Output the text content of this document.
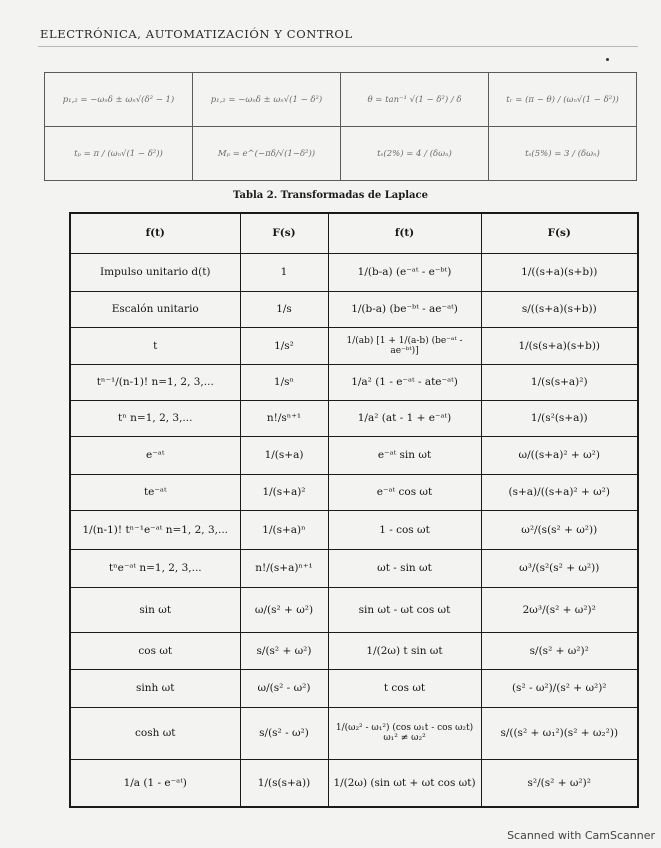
ELECTRÓNICA, AUTOMATIZACIÓN Y CONTROL
p₁,₂ = −ωₙδ ± ωₙ√(δ² − 1)	p₁,₂ = −ωₙδ ± ωₙ√(1 − δ²)	θ = tan⁻¹ √(1 − δ²) / δ	tᵣ = (π − θ) / (ωₙ√(1 − δ²))
tₚ = π / (ωₙ√(1 − δ²))	Mₚ = e^(−πδ/√(1−δ²))	tₛ(2%) = 4 / (δωₙ)	tₛ(5%) = 3 / (δωₙ)
Tabla 2. Transformadas de Laplace
f(t)	F(s)	f(t)	F(s)
Impulso unitario d(t)	1	1/(b-a) (e⁻ᵃᵗ - e⁻ᵇᵗ)	1/((s+a)(s+b))
Escalón unitario	1/s	1/(b-a) (be⁻ᵇᵗ - ae⁻ᵃᵗ)	s/((s+a)(s+b))
t	1/s²	1/(ab) [1 + 1/(a-b) (be⁻ᵃᵗ - ae⁻ᵇᵗ)]	1/(s(s+a)(s+b))
tⁿ⁻¹/(n-1)! n=1, 2, 3,...	1/sⁿ	1/a² (1 - e⁻ᵃᵗ - ate⁻ᵃᵗ)	1/(s(s+a)²)
tⁿ n=1, 2, 3,...	n!/sⁿ⁺¹	1/a² (at - 1 + e⁻ᵃᵗ)	1/(s²(s+a))
e⁻ᵃᵗ	1/(s+a)	e⁻ᵃᵗ sin ωt	ω/((s+a)² + ω²)
te⁻ᵃᵗ	1/(s+a)²	e⁻ᵃᵗ cos ωt	(s+a)/((s+a)² + ω²)
1/(n-1)! tⁿ⁻¹e⁻ᵃᵗ n=1, 2, 3,...	1/(s+a)ⁿ	1 - cos ωt	ω²/(s(s² + ω²))
tⁿe⁻ᵃᵗ n=1, 2, 3,...	n!/(s+a)ⁿ⁺¹	ωt - sin ωt	ω³/(s²(s² + ω²))
sin ωt	ω/(s² + ω²)	sin ωt - ωt cos ωt	2ω³/(s² + ω²)²
cos ωt	s/(s² + ω²)	1/(2ω) t sin ωt	s/(s² + ω²)²
sinh ωt	ω/(s² - ω²)	t cos ωt	(s² - ω²)/(s² + ω²)²
cosh ωt	s/(s² - ω²)	1/(ω₂² - ω₁²) (cos ω₁t - cos ω₂t) ω₁² ≠ ω₂²	s/((s² + ω₁²)(s² + ω₂²))
1/a (1 - e⁻ᵃᵗ)	1/(s(s+a))	1/(2ω) (sin ωt + ωt cos ωt)	s²/(s² + ω²)²
Scanned with CamScanner
